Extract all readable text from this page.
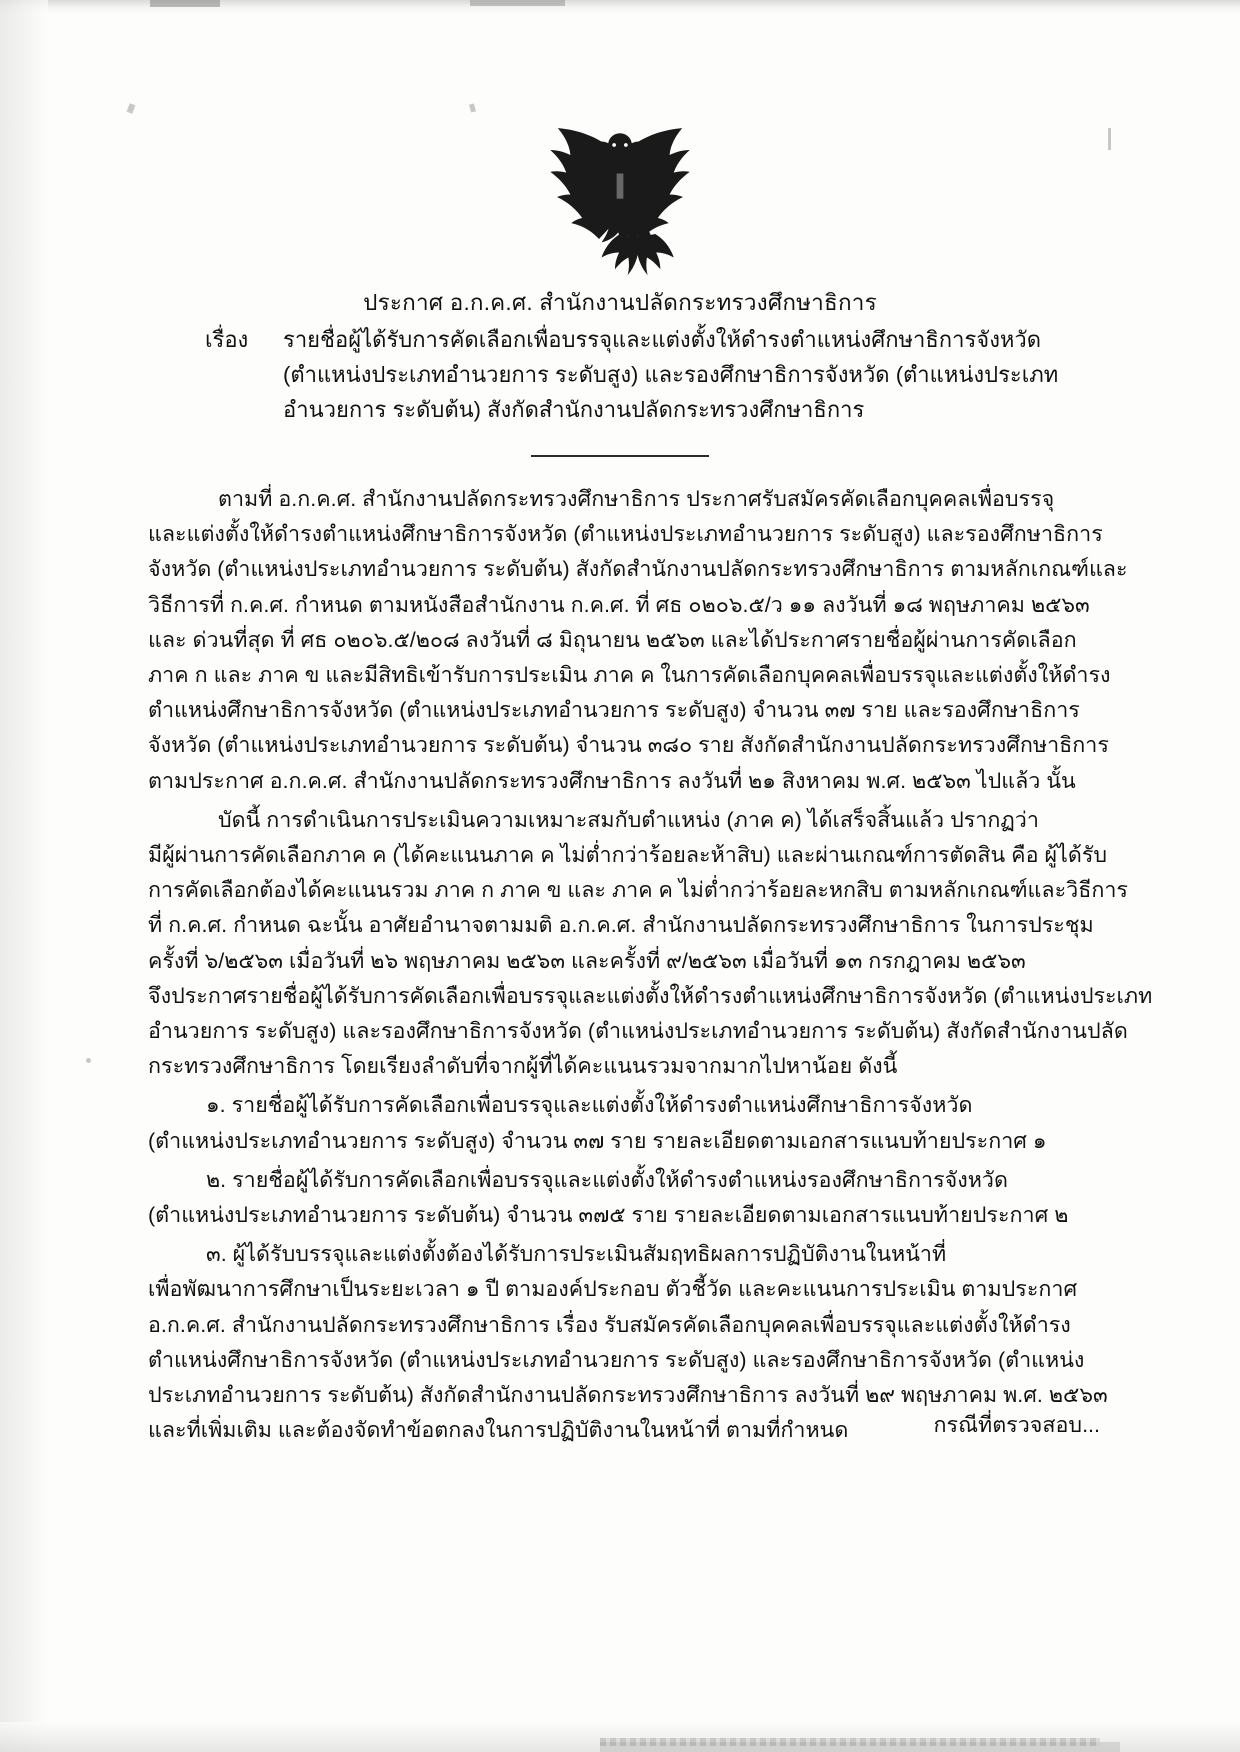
ประกาศ อ.ก.ค.ศ. สำนักงานปลัดกระทรวงศึกษาธิการ
เรื่อง	รายชื่อผู้ได้รับการคัดเลือกเพื่อบรรจุและแต่งตั้งให้ดำรงตำแหน่งศึกษาธิการจังหวัด
(ตำแหน่งประเภทอำนวยการ ระดับสูง) และรองศึกษาธิการจังหวัด (ตำแหน่งประเภท
อำนวยการ ระดับต้น) สังกัดสำนักงานปลัดกระทรวงศึกษาธิการ

ตามที่ อ.ก.ค.ศ. สำนักงานปลัดกระทรวงศึกษาธิการ ประกาศรับสมัครคัดเลือกบุคคลเพื่อบรรจุ

และแต่งตั้งให้ดำรงตำแหน่งศึกษาธิการจังหวัด (ตำแหน่งประเภทอำนวยการ ระดับสูง) และรองศึกษาธิการ

จังหวัด (ตำแหน่งประเภทอำนวยการ ระดับต้น) สังกัดสำนักงานปลัดกระทรวงศึกษาธิการ ตามหลักเกณฑ์และ

วิธีการที่ ก.ค.ศ. กำหนด ตามหนังสือสำนักงาน ก.ค.ศ. ที่ ศธ ๐๒๐๖.๕/ว ๑๑ ลงวันที่ ๑๘ พฤษภาคม ๒๕๖๓

และ ด่วนที่สุด ที่ ศธ ๐๒๐๖.๕/๒๐๘ ลงวันที่ ๘ มิถุนายน ๒๕๖๓ และได้ประกาศรายชื่อผู้ผ่านการคัดเลือก

ภาค ก และ ภาค ข และมีสิทธิเข้ารับการประเมิน ภาค ค ในการคัดเลือกบุคคลเพื่อบรรจุและแต่งตั้งให้ดำรง

ตำแหน่งศึกษาธิการจังหวัด (ตำแหน่งประเภทอำนวยการ ระดับสูง) จำนวน ๓๗ ราย และรองศึกษาธิการ

จังหวัด (ตำแหน่งประเภทอำนวยการ ระดับต้น) จำนวน ๓๘๐ ราย สังกัดสำนักงานปลัดกระทรวงศึกษาธิการ

ตามประกาศ อ.ก.ค.ศ. สำนักงานปลัดกระทรวงศึกษาธิการ ลงวันที่ ๒๑ สิงหาคม พ.ศ. ๒๕๖๓ ไปแล้ว นั้น

บัดนี้ การดำเนินการประเมินความเหมาะสมกับตำแหน่ง (ภาค ค) ได้เสร็จสิ้นแล้ว ปรากฏว่า

มีผู้ผ่านการคัดเลือกภาค ค (ได้คะแนนภาค ค ไม่ต่ำกว่าร้อยละห้าสิบ) และผ่านเกณฑ์การตัดสิน คือ ผู้ได้รับ

การคัดเลือกต้องได้คะแนนรวม ภาค ก ภาค ข และ ภาค ค ไม่ต่ำกว่าร้อยละหกสิบ ตามหลักเกณฑ์และวิธีการ

ที่ ก.ค.ศ. กำหนด ฉะนั้น อาศัยอำนาจตามมติ อ.ก.ค.ศ. สำนักงานปลัดกระทรวงศึกษาธิการ ในการประชุม

ครั้งที่ ๖/๒๕๖๓ เมื่อวันที่ ๒๖ พฤษภาคม ๒๕๖๓ และครั้งที่ ๙/๒๕๖๓ เมื่อวันที่ ๑๓ กรกฎาคม ๒๕๖๓

จึงประกาศรายชื่อผู้ได้รับการคัดเลือกเพื่อบรรจุและแต่งตั้งให้ดำรงตำแหน่งศึกษาธิการจังหวัด (ตำแหน่งประเภท

อำนวยการ ระดับสูง) และรองศึกษาธิการจังหวัด (ตำแหน่งประเภทอำนวยการ ระดับต้น) สังกัดสำนักงานปลัด

กระทรวงศึกษาธิการ โดยเรียงลำดับที่จากผู้ที่ได้คะแนนรวมจากมากไปหาน้อย ดังนี้

๑. รายชื่อผู้ได้รับการคัดเลือกเพื่อบรรจุและแต่งตั้งให้ดำรงตำแหน่งศึกษาธิการจังหวัด

(ตำแหน่งประเภทอำนวยการ ระดับสูง) จำนวน ๓๗ ราย รายละเอียดตามเอกสารแนบท้ายประกาศ ๑

๒. รายชื่อผู้ได้รับการคัดเลือกเพื่อบรรจุและแต่งตั้งให้ดำรงตำแหน่งรองศึกษาธิการจังหวัด

(ตำแหน่งประเภทอำนวยการ ระดับต้น) จำนวน ๓๗๕ ราย รายละเอียดตามเอกสารแนบท้ายประกาศ ๒

๓. ผู้ได้รับบรรจุและแต่งตั้งต้องได้รับการประเมินสัมฤทธิผลการปฏิบัติงานในหน้าที่

เพื่อพัฒนาการศึกษาเป็นระยะเวลา ๑ ปี ตามองค์ประกอบ ตัวชี้วัด และคะแนนการประเมิน ตามประกาศ

อ.ก.ค.ศ. สำนักงานปลัดกระทรวงศึกษาธิการ เรื่อง รับสมัครคัดเลือกบุคคลเพื่อบรรจุและแต่งตั้งให้ดำรง

ตำแหน่งศึกษาธิการจังหวัด (ตำแหน่งประเภทอำนวยการ ระดับสูง) และรองศึกษาธิการจังหวัด (ตำแหน่ง

ประเภทอำนวยการ ระดับต้น) สังกัดสำนักงานปลัดกระทรวงศึกษาธิการ ลงวันที่ ๒๙ พฤษภาคม พ.ศ. ๒๕๖๓

และที่เพิ่มเติม และต้องจัดทำข้อตกลงในการปฏิบัติงานในหน้าที่ ตามที่กำหนด	กรณีที่ตรวจสอบ...
